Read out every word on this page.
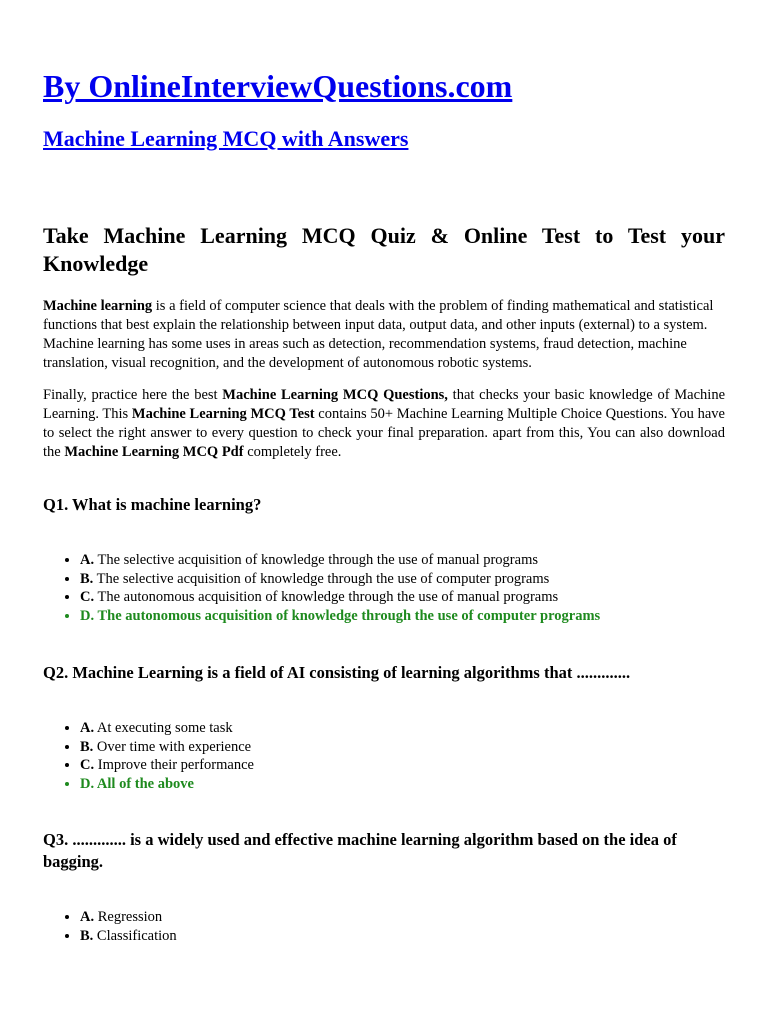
By OnlineInterviewQuestions.com
Machine Learning MCQ with Answers
Take Machine Learning MCQ Quiz & Online Test to Test your Knowledge

Machine learning is a field of computer science that deals with the problem of finding mathematical and statistical functions that best explain the relationship between input data, output data, and other inputs (external) to a system. Machine learning has some uses in areas such as detection, recommendation systems, fraud detection, machine translation, visual recognition, and the development of autonomous robotic systems.

Finally, practice here the best Machine Learning MCQ Questions, that checks your basic knowledge of Machine Learning. This Machine Learning MCQ Test contains 50+ Machine Learning Multiple Choice Questions. You have to select the right answer to every question to check your final preparation. apart from this, You can also download the Machine Learning MCQ Pdf completely free.

Q1. What is machine learning?
• A. The selective acquisition of knowledge through the use of manual programs
• B. The selective acquisition of knowledge through the use of computer programs
• C. The autonomous acquisition of knowledge through the use of manual programs
• D. The autonomous acquisition of knowledge through the use of computer programs
Q2. Machine Learning is a field of AI consisting of learning algorithms that .............
• A. At executing some task
• B. Over time with experience
• C. Improve their performance
• D. All of the above
Q3. ............. is a widely used and effective machine learning algorithm based on the idea of bagging.
• A. Regression
• B. Classification
